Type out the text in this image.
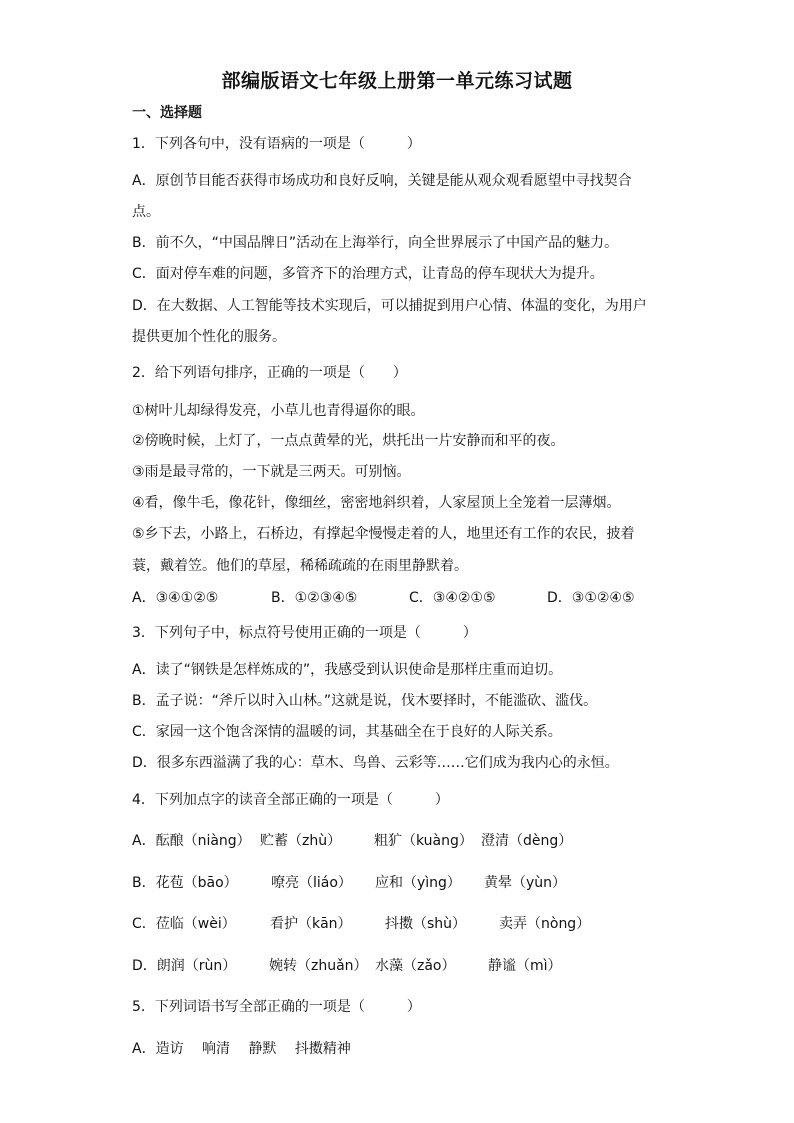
部编版语文七年级上册第一单元练习试题
一、选择题
1．下列各句中，没有语病的一项是（　　　）
A．原创节目能否获得市场成功和良好反响，关键是能从观众观看愿望中寻找契合
点。
B．前不久，“中国品牌日”活动在上海举行，向全世界展示了中国产品的魅力。
C．面对停车难的问题，多管齐下的治理方式，让青岛的停车现状大为提升。
D．在大数据、人工智能等技术实现后，可以捕捉到用户心情、体温的变化，为用户
提供更加个性化的服务。
2．给下列语句排序，正确的一项是（　　）
①树叶儿却绿得发亮，小草儿也青得逼你的眼。
②傍晚时候，上灯了，一点点黄晕的光，烘托出一片安静而和平的夜。
③雨是最寻常的，一下就是三两天。可别恼。
④看，像牛毛，像花针，像细丝，密密地斜织着，人家屋顶上全笼着一层薄烟。
⑤乡下去，小路上，石桥边，有撑起伞慢慢走着的人，地里还有工作的农民，披着
蓑，戴着笠。他们的草屋，稀稀疏疏的在雨里静默着。
A．③④①②⑤	B．①②③④⑤	C．③④②①⑤	D．③①②④⑤
3．下列句子中，标点符号使用正确的一项是（　　　）
A．读了“钢铁是怎样炼成的”，我感受到认识使命是那样庄重而迫切。
B．孟子说：“斧斤以时入山林。”这就是说，伐木要择时，不能滥砍、滥伐。
C．家园一这个饱含深情的温暖的词，其基础全在于良好的人际关系。
D．很多东西溢满了我的心：草木、鸟兽、云彩等……它们成为我内心的永恒。
4．下列加点字的读音全部正确的一项是（　　　）
A．酝酿（niàng） 贮蓄（zhù）	粗犷（kuàng） 澄清（dèng）
B．花苞（bāo）	嘹亮（liáo）	应和（yìng）	黄晕（yùn）
C．莅临（wèi）	看护（kān）	抖擞（shù）	卖弄（nòng）
D．朗润（rùn）	婉转（zhuǎn） 水藻（zǎo）	静谧（mì）
5．下列词语书写全部正确的一项是（　　　）
A．造访　 响清　 静默　 抖擞精神
